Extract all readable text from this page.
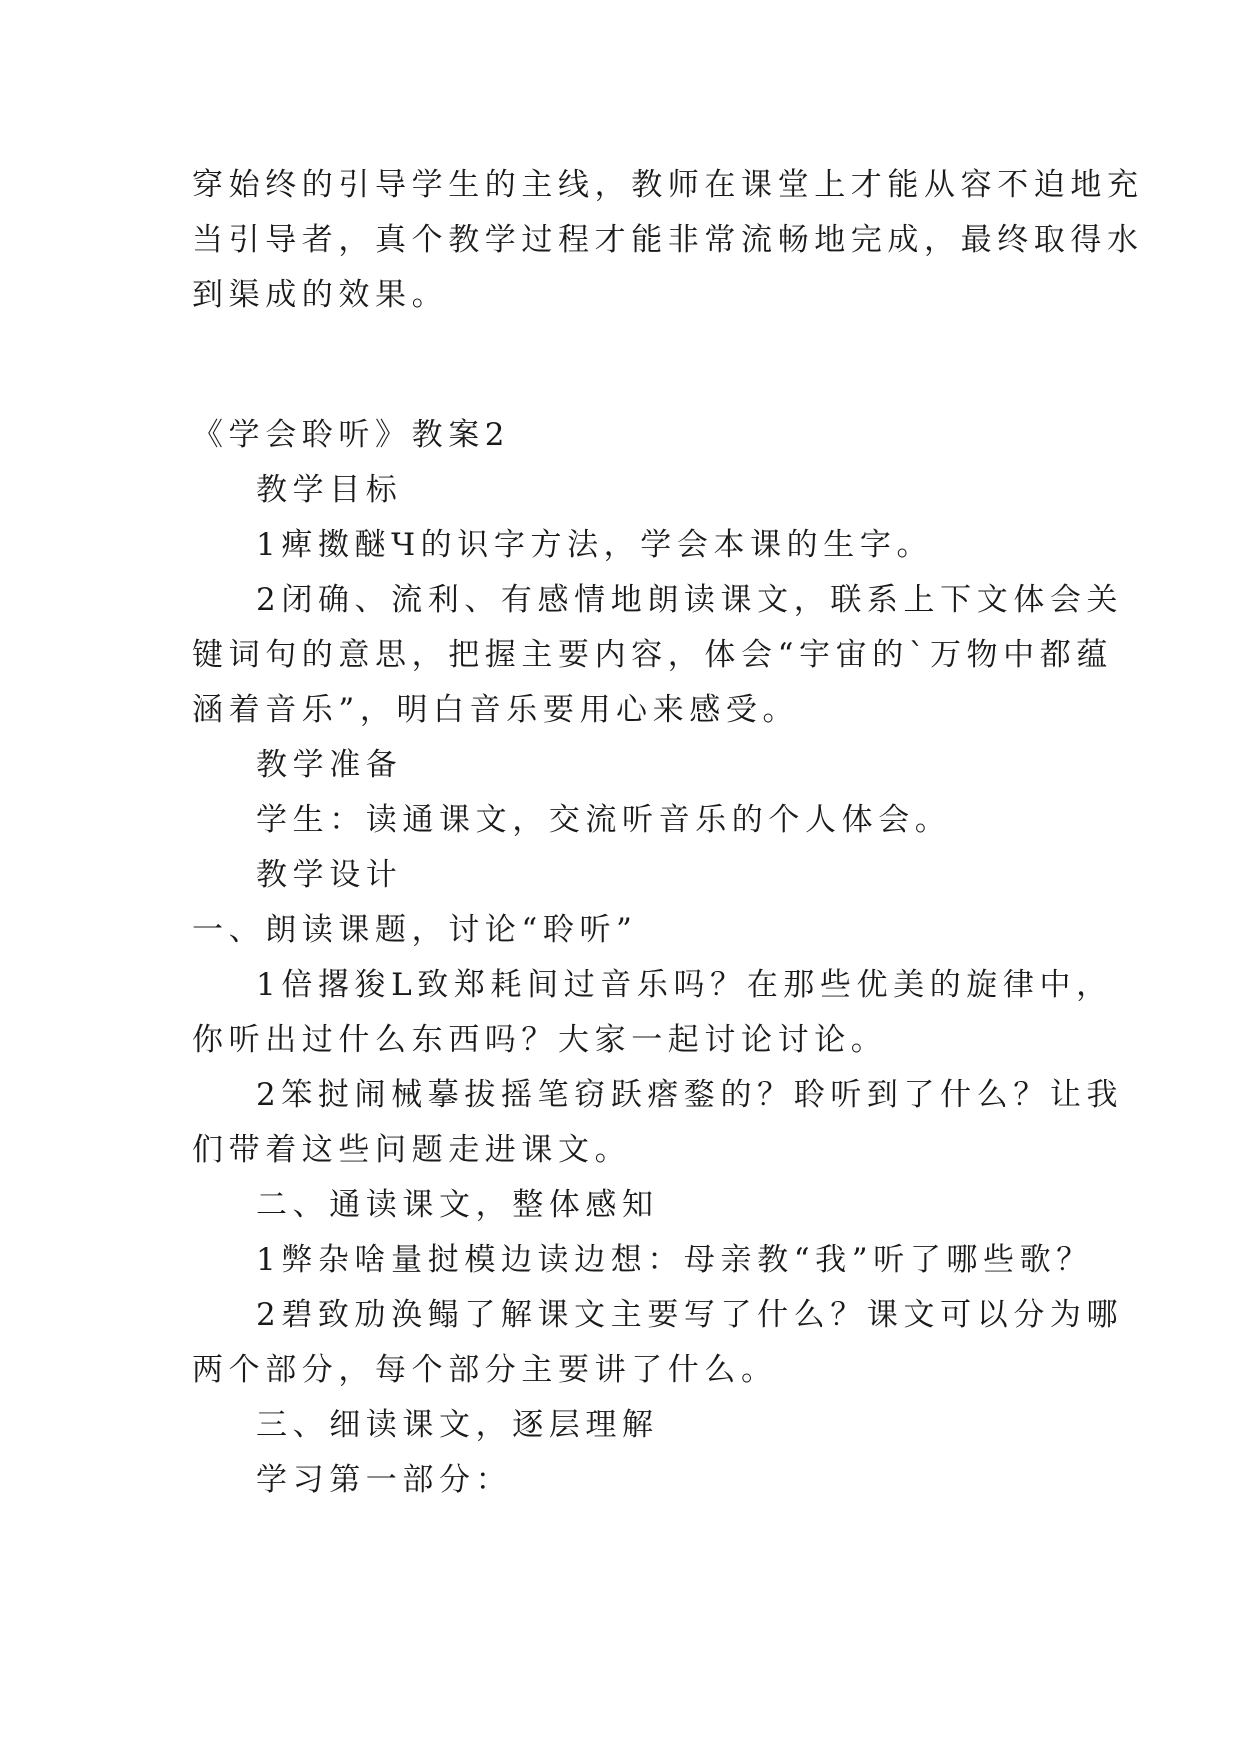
穿始终的引导学生的主线，教师在课堂上才能从容不迫地充

当引导者，真个教学过程才能非常流畅地完成，最终取得水

到渠成的效果。

《学会聆听》教案2

教学目标

1痺擞醚Ч的识字方法，学会本课的生字。

2闭确、流利、有感情地朗读课文，联系上下文体会关

键词句的意思，把握主要内容，体会“宇宙的`万物中都蕴

涵着音乐”，明白音乐要用心来感受。

教学准备

学生：读通课文，交流听音乐的个人体会。

教学设计

一、朗读课题，讨论“聆听”

1倍撂狻L致郑耗间过音乐吗？在那些优美的旋律中，

你听出过什么东西吗？大家一起讨论讨论。

2笨挝闹械摹拔摇笔窃跃瘩鍪的？聆听到了什么？让我

们带着这些问题走进课文。

二、通读课文，整体感知

1弊杂啥量挝模边读边想：母亲教“我”听了哪些歌？

2碧致劢涣鳎了解课文主要写了什么？课文可以分为哪

两个部分，每个部分主要讲了什么。

三、细读课文，逐层理解

学习第一部分：
